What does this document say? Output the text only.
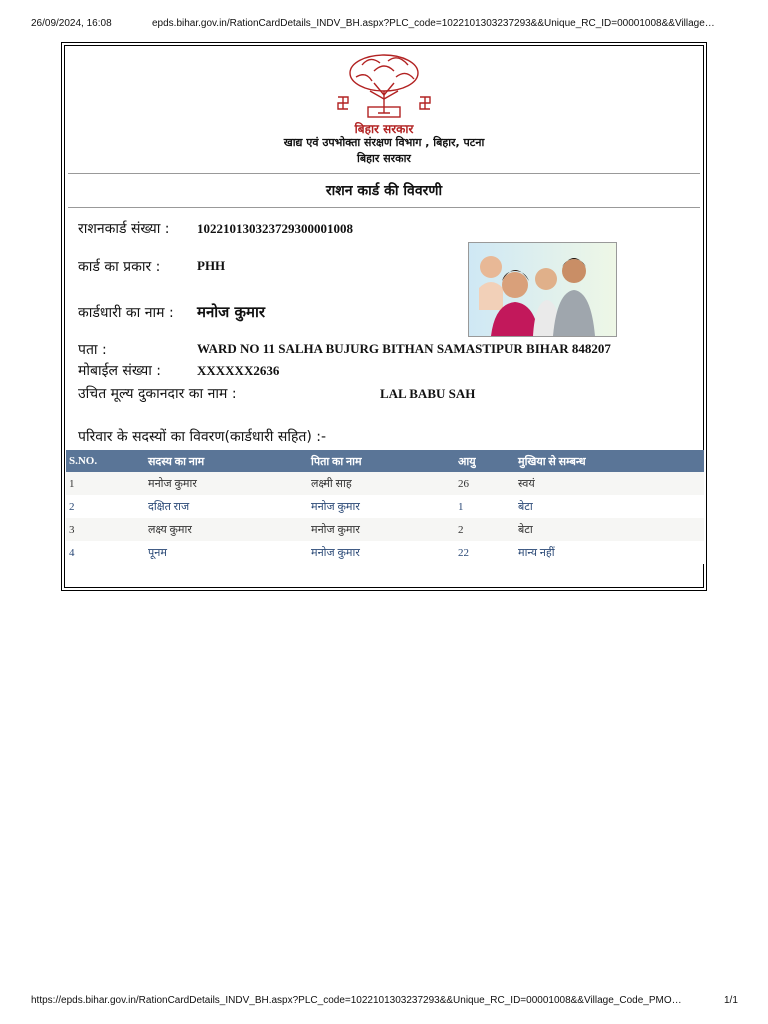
26/09/2024, 16:08	epds.bihar.gov.in/RationCardDetails_INDV_BH.aspx?PLC_code=1022101303237293&&Unique_RC_ID=00001008&&Village…
बिहार सरकार
खाद्य एवं उपभोक्ता संरक्षण विभाग , बिहार, पटना
बिहार सरकार
राशन कार्ड की विवरणी
राशनकार्ड संख्या : 10221013032372930000​1008
कार्ड का प्रकार :	PHH
कार्डधारी का नाम : मनोज कुमार
पता :	WARD NO 11 SALHA BUJURG BITHAN SAMASTIPUR BIHAR 848207
मोबाईल संख्या :	XXXXXX2636
उचित मूल्य दुकानदार का नाम :	LAL BABU SAH
परिवार के सदस्यों का विवरण(कार्डधारी सहित) :-
S.NO.	सदस्य का नाम	पिता का नाम	आयु	मुखिया से सम्बन्ध
1	मनोज कुमार	लक्ष्मी साह	26	स्वयं
2	दक्षित राज	मनोज कुमार	1	बेटा
3	लक्ष्य कुमार	मनोज कुमार	2	बेटा
4	पूनम	मनोज कुमार	22	मान्य नहीं
https://epds.bihar.gov.in/RationCardDetails_INDV_BH.aspx?PLC_code=1022101303237293&&Unique_RC_ID=00001008&&Village_Code_PMO…	1/1
